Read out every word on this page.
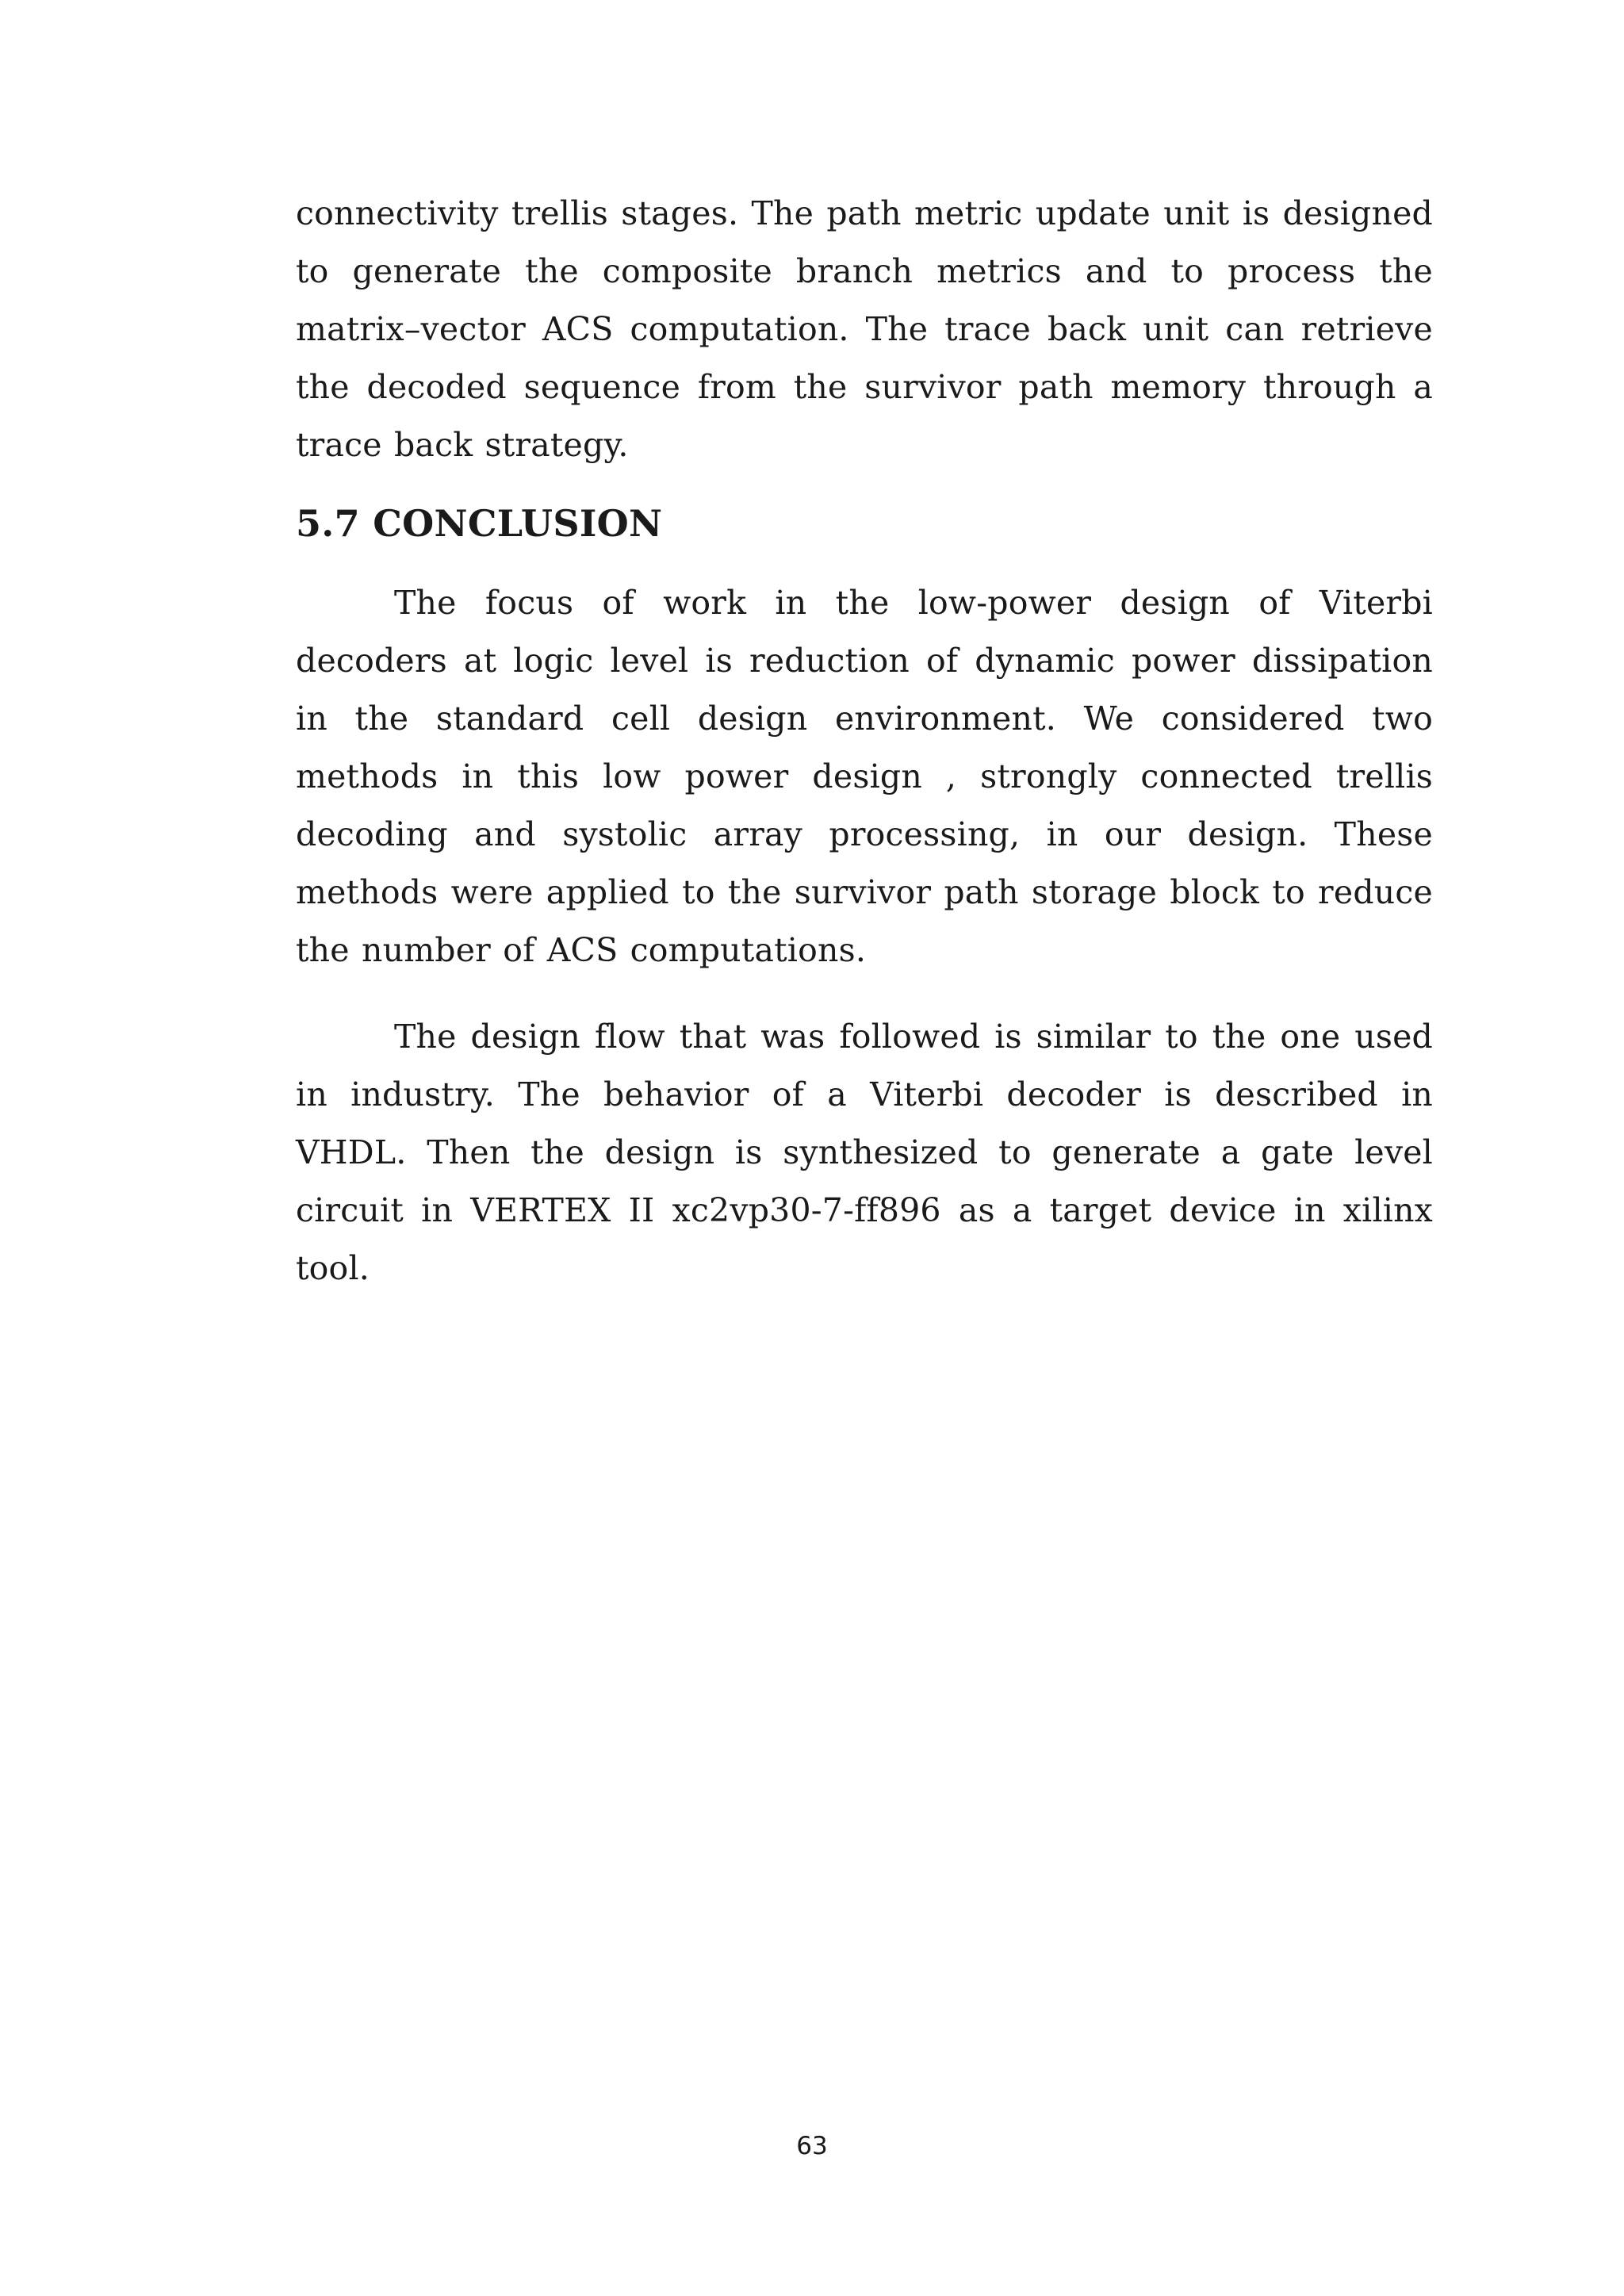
connectivity trellis stages. The path metric update unit is designed to generate the composite branch metrics and to process the matrix–vector ACS computation. The trace back unit can retrieve the decoded sequence from the survivor path memory through a trace back strategy.

5.7 CONCLUSION

The focus of work in the low-power design of Viterbi decoders at logic level is reduction of dynamic power dissipation in the standard cell design environment. We considered two methods in this low power design , strongly connected trellis decoding and systolic array processing, in our design. These methods were applied to the survivor path storage block to reduce the number of ACS computations.

The design flow that was followed is similar to the one used in industry. The behavior of a Viterbi decoder is described in VHDL. Then the design is synthesized to generate a gate level circuit in VERTEX II xc2vp30-7-ff896 as a target device in xilinx tool.

63
